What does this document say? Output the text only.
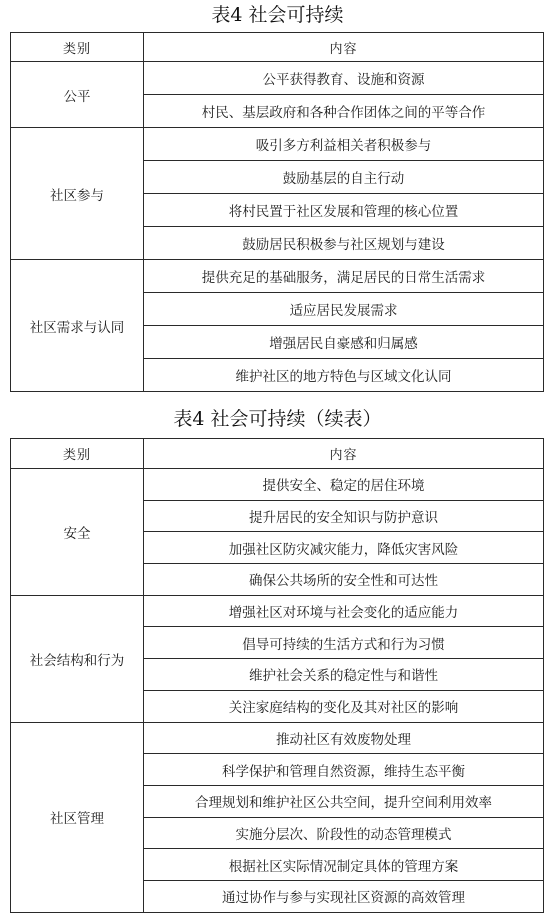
表4 社会可持续
类别	内容
公平	公平获得教育、设施和资源
	村民、基层政府和各种合作团体之间的平等合作
社区参与	吸引多方利益相关者积极参与
	鼓励基层的自主行动
	将村民置于社区发展和管理的核心位置
	鼓励居民积极参与社区规划与建设
社区需求与认同	提供充足的基础服务，满足居民的日常生活需求
	适应居民发展需求
	增强居民自豪感和归属感
	维护社区的地方特色与区域文化认同
表4 社会可持续（续表）
类别	内容
安全	提供安全、稳定的居住环境
	提升居民的安全知识与防护意识
	加强社区防灾减灾能力，降低灾害风险
	确保公共场所的安全性和可达性
社会结构和行为	增强社区对环境与社会变化的适应能力
	倡导可持续的生活方式和行为习惯
	维护社会关系的稳定性与和谐性
	关注家庭结构的变化及其对社区的影响
社区管理	推动社区有效废物处理
	科学保护和管理自然资源，维持生态平衡
	合理规划和维护社区公共空间，提升空间利用效率
	实施分层次、阶段性的动态管理模式
	根据社区实际情况制定具体的管理方案
	通过协作与参与实现社区资源的高效管理
